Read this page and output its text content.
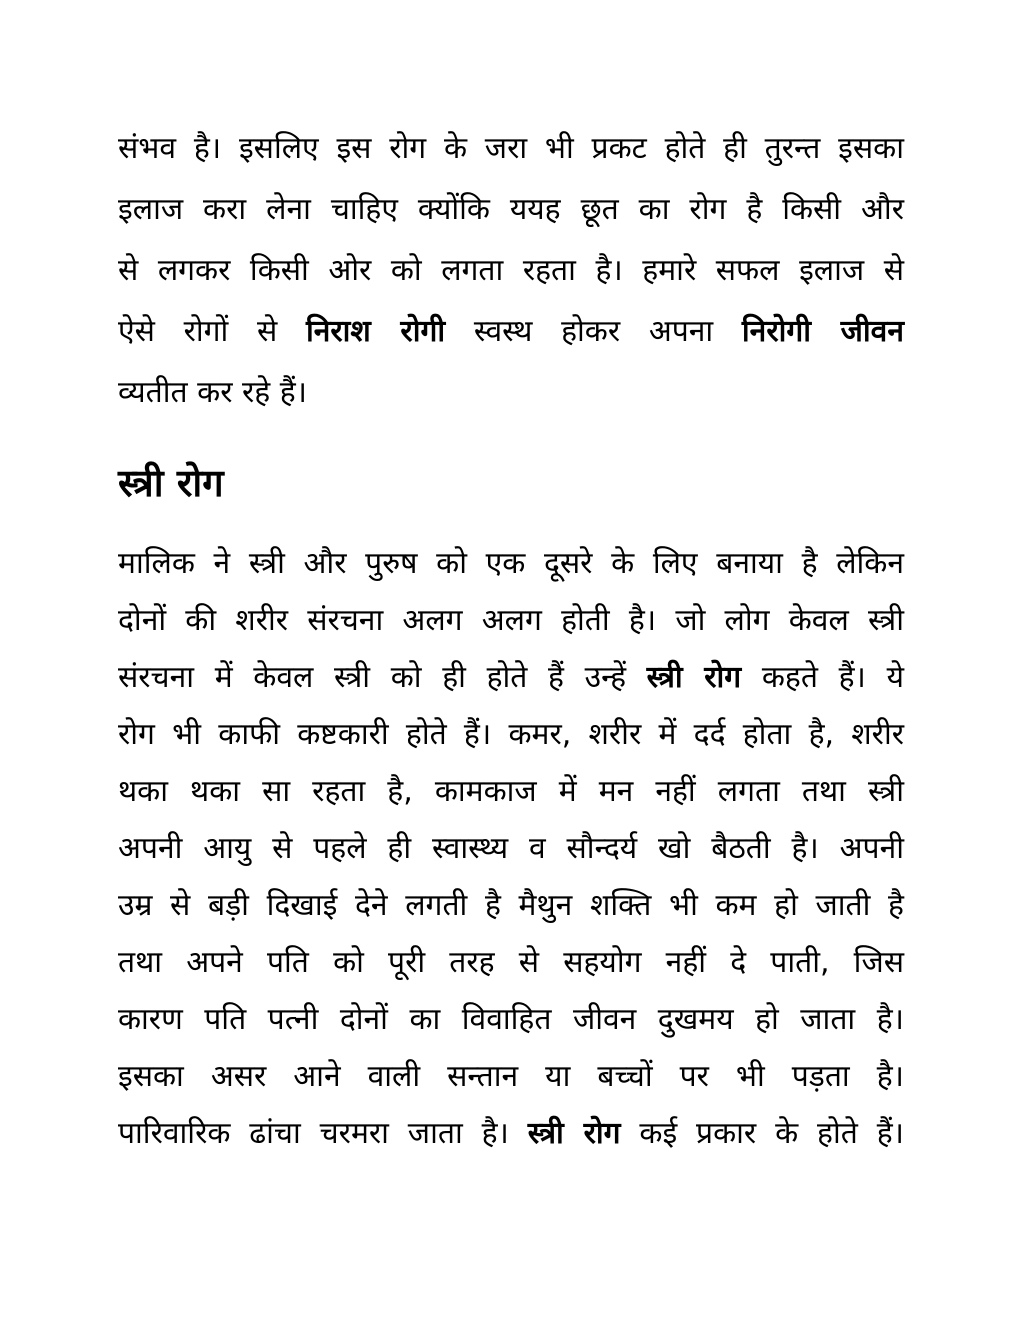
संभव है। इसलिए इस रोग के जरा भी प्रकट होते ही तुरन्त इसका
इलाज करा लेना चाहिए क्योंकि ययह छूत का रोग है किसी और
से लगकर किसी ओर को लगता रहता है। हमारे सफल इलाज से
ऐसे रोगों से निराश रोगी स्वस्थ होकर अपना निरोगी जीवन
व्यतीत कर रहे हैं।
स्त्री रोग
मालिक ने स्त्री और पुरुष को एक दूसरे के लिए बनाया है लेकिन
दोनों की शरीर संरचना अलग अलग होती है। जो लोग केवल स्त्री
संरचना में केवल स्त्री को ही होते हैं उन्हें स्त्री रोग कहते हैं। ये
रोग भी काफी कष्टकारी होते हैं। कमर, शरीर में दर्द होता है, शरीर
थका थका सा रहता है, कामकाज में मन नहीं लगता तथा स्त्री
अपनी आयु से पहले ही स्वास्थ्य व सौन्दर्य खो बैठती है। अपनी
उम्र से बड़ी दिखाई देने लगती है मैथुन शक्ति भी कम हो जाती है
तथा अपने पति को पूरी तरह से सहयोग नहीं दे पाती, जिस
कारण पति पत्नी दोनों का विवाहित जीवन दुखमय हो जाता है।
इसका असर आने वाली सन्तान या बच्चों पर भी पड़ता है।
पारिवारिक ढांचा चरमरा जाता है। स्त्री रोग कई प्रकार के होते हैं।
